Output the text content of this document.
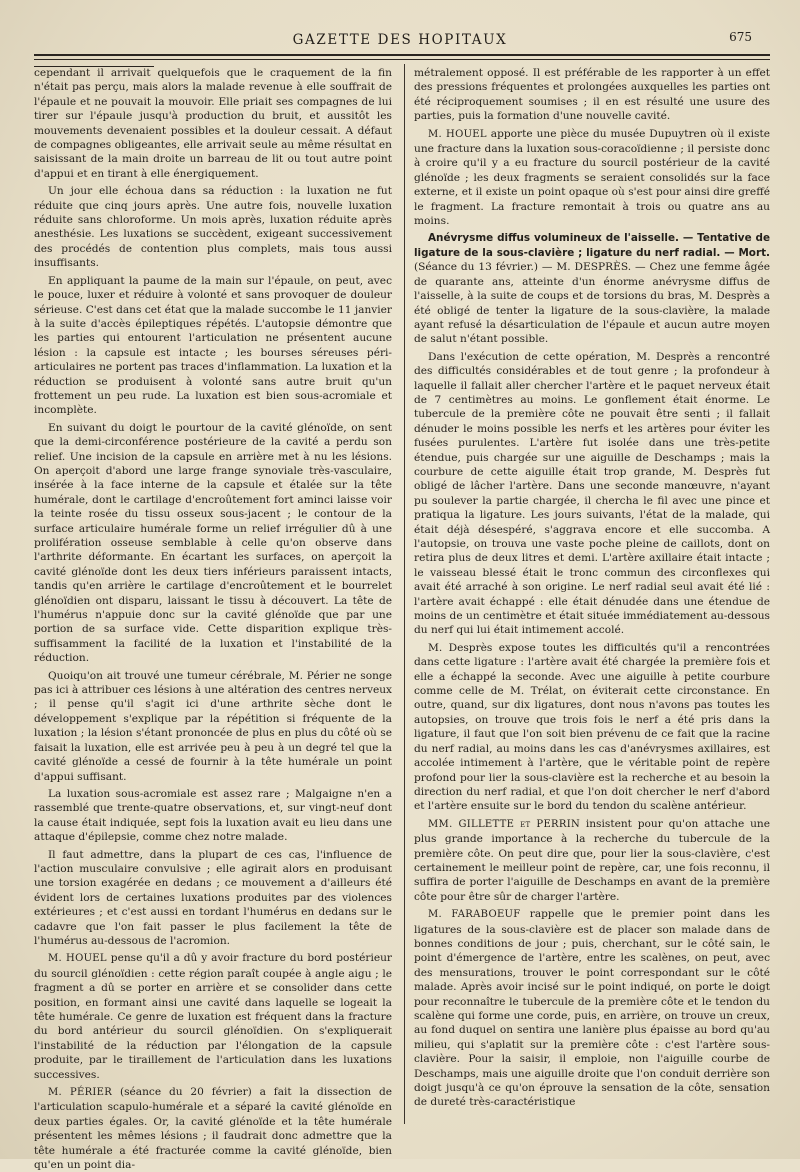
GAZETTE DES HOPITAUX	675

cependant il arrivait quelquefois que le craquement de la fin n'était pas perçu, mais alors la malade revenue à elle souffrait de l'épaule et ne pouvait la mouvoir. Elle priait ses compagnes de lui tirer sur l'épaule jusqu'à production du bruit, et aussitôt les mouvements devenaient possibles et la douleur cessait. A défaut de compagnes obligeantes, elle arrivait seule au même résultat en saisissant de la main droite un barreau de lit ou tout autre point d'appui et en tirant à elle énergiquement.

Un jour elle échoua dans sa réduction : la luxation ne fut réduite que cinq jours après. Une autre fois, nouvelle luxation réduite sans chloroforme. Un mois après, luxation réduite après anesthésie. Les luxations se succèdent, exigeant successivement des procédés de contention plus complets, mais tous aussi insuffisants.

En appliquant la paume de la main sur l'épaule, on peut, avec le pouce, luxer et réduire à volonté et sans provoquer de douleur sérieuse. C'est dans cet état que la malade succombe le 11 janvier à la suite d'accès épileptiques répétés. L'autopsie démontre que les parties qui entourent l'articulation ne présentent aucune lésion : la capsule est intacte ; les bourses séreuses péri-articulaires ne portent pas traces d'inflammation. La luxation et la réduction se produisent à volonté sans autre bruit qu'un frottement un peu rude. La luxation est bien sous-acromiale et incomplète.

En suivant du doigt le pourtour de la cavité glénoïde, on sent que la demi-circonférence postérieure de la cavité a perdu son relief. Une incision de la capsule en arrière met à nu les lésions. On aperçoit d'abord une large frange synoviale très-vasculaire, insérée à la face interne de la capsule et étalée sur la tête humérale, dont le cartilage d'encroûtement fort aminci laisse voir la teinte rosée du tissu osseux sous-jacent ; le contour de la surface articulaire humérale forme un relief irrégulier dû à une prolifération osseuse semblable à celle qu'on observe dans l'arthrite déformante. En écartant les surfaces, on aperçoit la cavité glénoïde dont les deux tiers inférieurs paraissent intacts, tandis qu'en arrière le cartilage d'encroûtement et le bourrelet glénoïdien ont disparu, laissant le tissu à découvert. La tête de l'humérus n'appuie donc sur la cavité glénoïde que par une portion de sa surface vide. Cette disparition explique très-suffisamment la facilité de la luxation et l'instabilité de la réduction.

Quoiqu'on ait trouvé une tumeur cérébrale, M. Périer ne songe pas ici à attribuer ces lésions à une altération des centres nerveux ; il pense qu'il s'agit ici d'une arthrite sèche dont le développement s'explique par la répétition si fréquente de la luxation ; la lésion s'étant prononcée de plus en plus du côté où se faisait la luxation, elle est arrivée peu à peu à un degré tel que la cavité glénoïde a cessé de fournir à la tête humérale un point d'appui suffisant.

La luxation sous-acromiale est assez rare ; Malgaigne n'en a rassemblé que trente-quatre observations, et, sur vingt-neuf dont la cause était indiquée, sept fois la luxation avait eu lieu dans une attaque d'épilepsie, comme chez notre malade.

Il faut admettre, dans la plupart de ces cas, l'influence de l'action musculaire convulsive ; elle agirait alors en produisant une torsion exagérée en dedans ; ce mouvement a d'ailleurs été évident lors de certaines luxations produites par des violences extérieures ; et c'est aussi en tordant l'humérus en dedans sur le cadavre que l'on fait passer le plus facilement la tête de l'humérus au-dessous de l'acromion.

M. HOUEL pense qu'il a dû y avoir fracture du bord postérieur du sourcil glénoïdien : cette région paraît coupée à angle aigu ; le fragment a dû se porter en arrière et se consolider dans cette position, en formant ainsi une cavité dans laquelle se logeait la tête humérale. Ce genre de luxation est fréquent dans la fracture du bord antérieur du sourcil glénoïdien. On s'expliquerait l'instabilité de la réduction par l'élongation de la capsule produite, par le tiraillement de l'articulation dans les luxations successives.

M. PÉRIER (séance du 20 février) a fait la dissection de l'articulation scapulo-humérale et a séparé la cavité glénoïde en deux parties égales. Or, la cavité glénoïde et la tête humérale présentent les mêmes lésions ; il faudrait donc admettre que la tête humérale a été fracturée comme la cavité glénoïde, bien qu'en un point dia-

métralement opposé. Il est préférable de les rapporter à un effet des pressions fréquentes et prolongées auxquelles les parties ont été réciproquement soumises ; il en est résulté une usure des parties, puis la formation d'une nouvelle cavité.

M. HOUEL apporte une pièce du musée Dupuytren où il existe une fracture dans la luxation sous-coracoïdienne ; il persiste donc à croire qu'il y a eu fracture du sourcil postérieur de la cavité glénoïde ; les deux fragments se seraient consolidés sur la face externe, et il existe un point opaque où s'est pour ainsi dire greffé le fragment. La fracture remontait à trois ou quatre ans au moins.

Anévrysme diffus volumineux de l'aisselle. — Tentative de ligature de la sous-clavière ; ligature du nerf radial. — Mort. (Séance du 13 février.) — M. DESPRÈS. — Chez une femme âgée de quarante ans, atteinte d'un énorme anévrysme diffus de l'aisselle, à la suite de coups et de torsions du bras, M. Desprès a été obligé de tenter la ligature de la sous-clavière, la malade ayant refusé la désarticulation de l'épaule et aucun autre moyen de salut n'étant possible.

Dans l'exécution de cette opération, M. Desprès a rencontré des difficultés considérables et de tout genre ; la profondeur à laquelle il fallait aller chercher l'artère et le paquet nerveux était de 7 centimètres au moins. Le gonflement était énorme. Le tubercule de la première côte ne pouvait être senti ; il fallait dénuder le moins possible les nerfs et les artères pour éviter les fusées purulentes. L'artère fut isolée dans une très-petite étendue, puis chargée sur une aiguille de Deschamps ; mais la courbure de cette aiguille était trop grande, M. Desprès fut obligé de lâcher l'artère. Dans une seconde manœuvre, n'ayant pu soulever la partie chargée, il chercha le fil avec une pince et pratiqua la ligature. Les jours suivants, l'état de la malade, qui était déjà désespéré, s'aggrava encore et elle succomba. A l'autopsie, on trouva une vaste poche pleine de caillots, dont on retira plus de deux litres et demi. L'artère axillaire était intacte ; le vaisseau blessé était le tronc commun des circonflexes qui avait été arraché à son origine. Le nerf radial seul avait été lié : l'artère avait échappé : elle était dénudée dans une étendue de moins de un centimètre et était située immédiatement au-dessous du nerf qui lui était intimement accolé.

M. Desprès expose toutes les difficultés qu'il a rencontrées dans cette ligature : l'artère avait été chargée la première fois et elle a échappé la seconde. Avec une aiguille à petite courbure comme celle de M. Trélat, on éviterait cette circonstance. En outre, quand, sur dix ligatures, dont nous n'avons pas toutes les autopsies, on trouve que trois fois le nerf a été pris dans la ligature, il faut que l'on soit bien prévenu de ce fait que la racine du nerf radial, au moins dans les cas d'anévrysmes axillaires, est accolée intimement à l'artère, que le véritable point de repère profond pour lier la sous-clavière est la recherche et au besoin la direction du nerf radial, et que l'on doit chercher le nerf d'abord et l'artère ensuite sur le bord du tendon du scalène antérieur.

MM. GILLETTE et PERRIN insistent pour qu'on attache une plus grande importance à la recherche du tubercule de la première côte. On peut dire que, pour lier la sous-clavière, c'est certainement le meilleur point de repère, car, une fois reconnu, il suffira de porter l'aiguille de Deschamps en avant de la première côte pour être sûr de charger l'artère.

M. FARABOEUF rappelle que le premier point dans les ligatures de la sous-clavière est de placer son malade dans de bonnes conditions de jour ; puis, cherchant, sur le côté sain, le point d'émergence de l'artère, entre les scalènes, on peut, avec des mensurations, trouver le point correspondant sur le côté malade. Après avoir incisé sur le point indiqué, on porte le doigt pour reconnaître le tubercule de la première côte et le tendon du scalène qui forme une corde, puis, en arrière, on trouve un creux, au fond duquel on sentira une lanière plus épaisse au bord qu'au milieu, qui s'aplatit sur la première côte : c'est l'artère sous-clavière. Pour la saisir, il emploie, non l'aiguille courbe de Deschamps, mais une aiguille droite que l'on conduit derrière son doigt jusqu'à ce qu'on éprouve la sensation de la côte, sensation de dureté très-caractéristique
